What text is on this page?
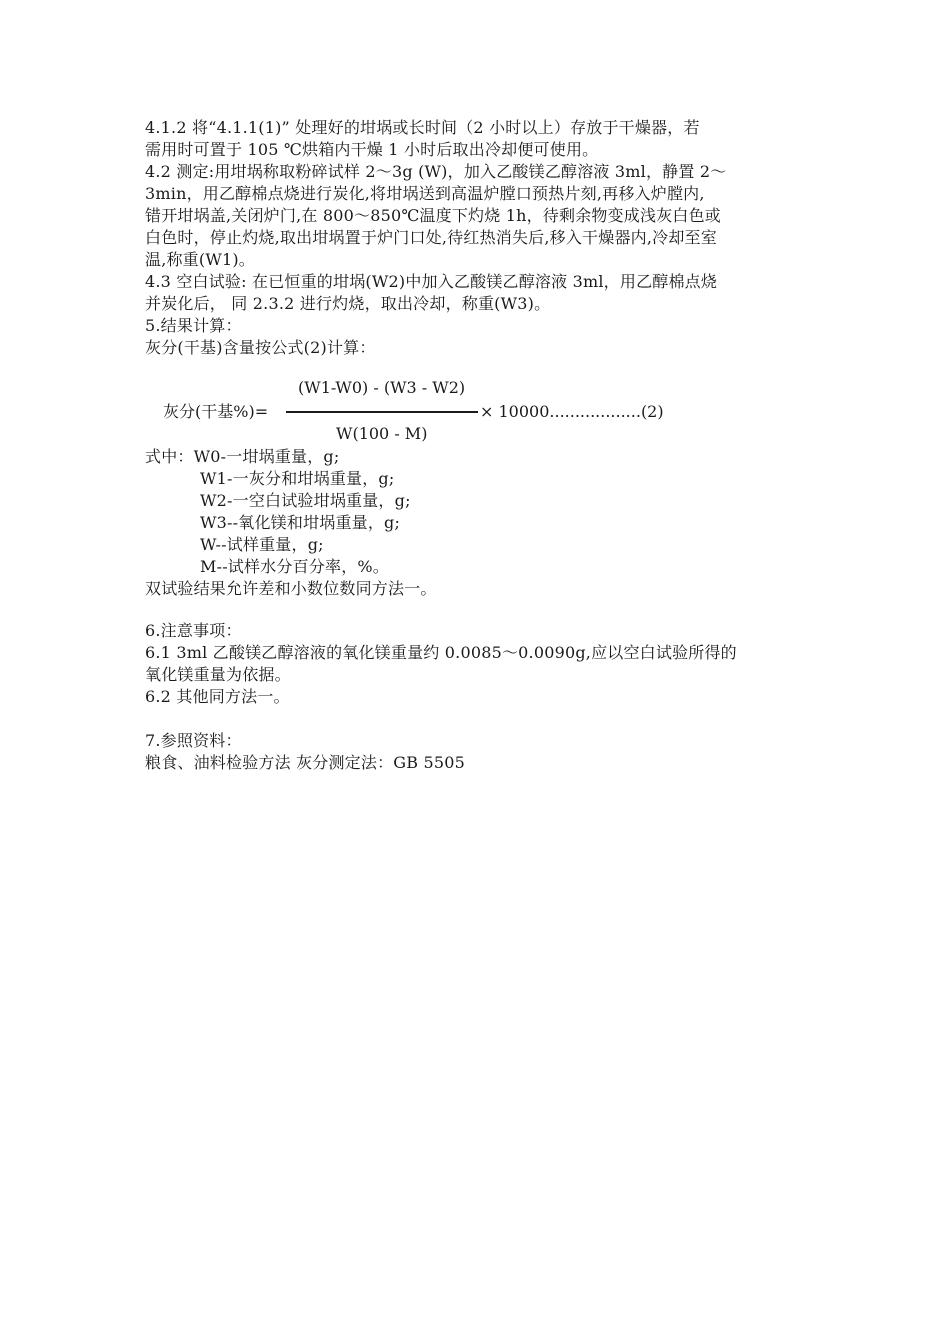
4.1.2 将“4.1.1(1)” 处理好的坩埚或长时间（2 小时以上）存放于干燥器，若
需用时可置于 105 ℃烘箱内干燥 1 小时后取出冷却便可使用。
4.2 测定:用坩埚称取粉碎试样 2～3g (W)，加入乙酸镁乙醇溶液 3ml，静置 2～
3min，用乙醇棉点烧进行炭化,将坩埚送到高温炉膛口预热片刻,再移入炉膛内,
错开坩埚盖,关闭炉门,在 800～850℃温度下灼烧 1h，待剩余物变成浅灰白色或
白色时，停止灼烧,取出坩埚置于炉门口处,待红热消失后,移入干燥器内,冷却至室
温,称重(W1)。
4.3 空白试验: 在已恒重的坩埚(W2)中加入乙酸镁乙醇溶液 3ml，用乙醇棉点烧
并炭化后， 同 2.3.2 进行灼烧，取出冷却，称重(W3)。
5.结果计算：
灰分(干基)含量按公式(2)计算：
(W1-W0) - (W3 - W2)
灰分(干基%)=	× 10000..................(2)
W(100 - M)
式中：W0-一坩埚重量，g;
W1-一灰分和坩埚重量，g;
W2-一空白试验坩埚重量，g;
W3--氧化镁和坩埚重量，g;
W--试样重量，g;
M--试样水分百分率，%。
双试验结果允许差和小数位数同方法一。
6.注意事项：
6.1 3ml 乙酸镁乙醇溶液的氧化镁重量约 0.0085～0.0090g,应以空白试验所得的
氧化镁重量为依据。
6.2 其他同方法一。
7.参照资料：
粮食、油料检验方法 灰分测定法：GB 5505
